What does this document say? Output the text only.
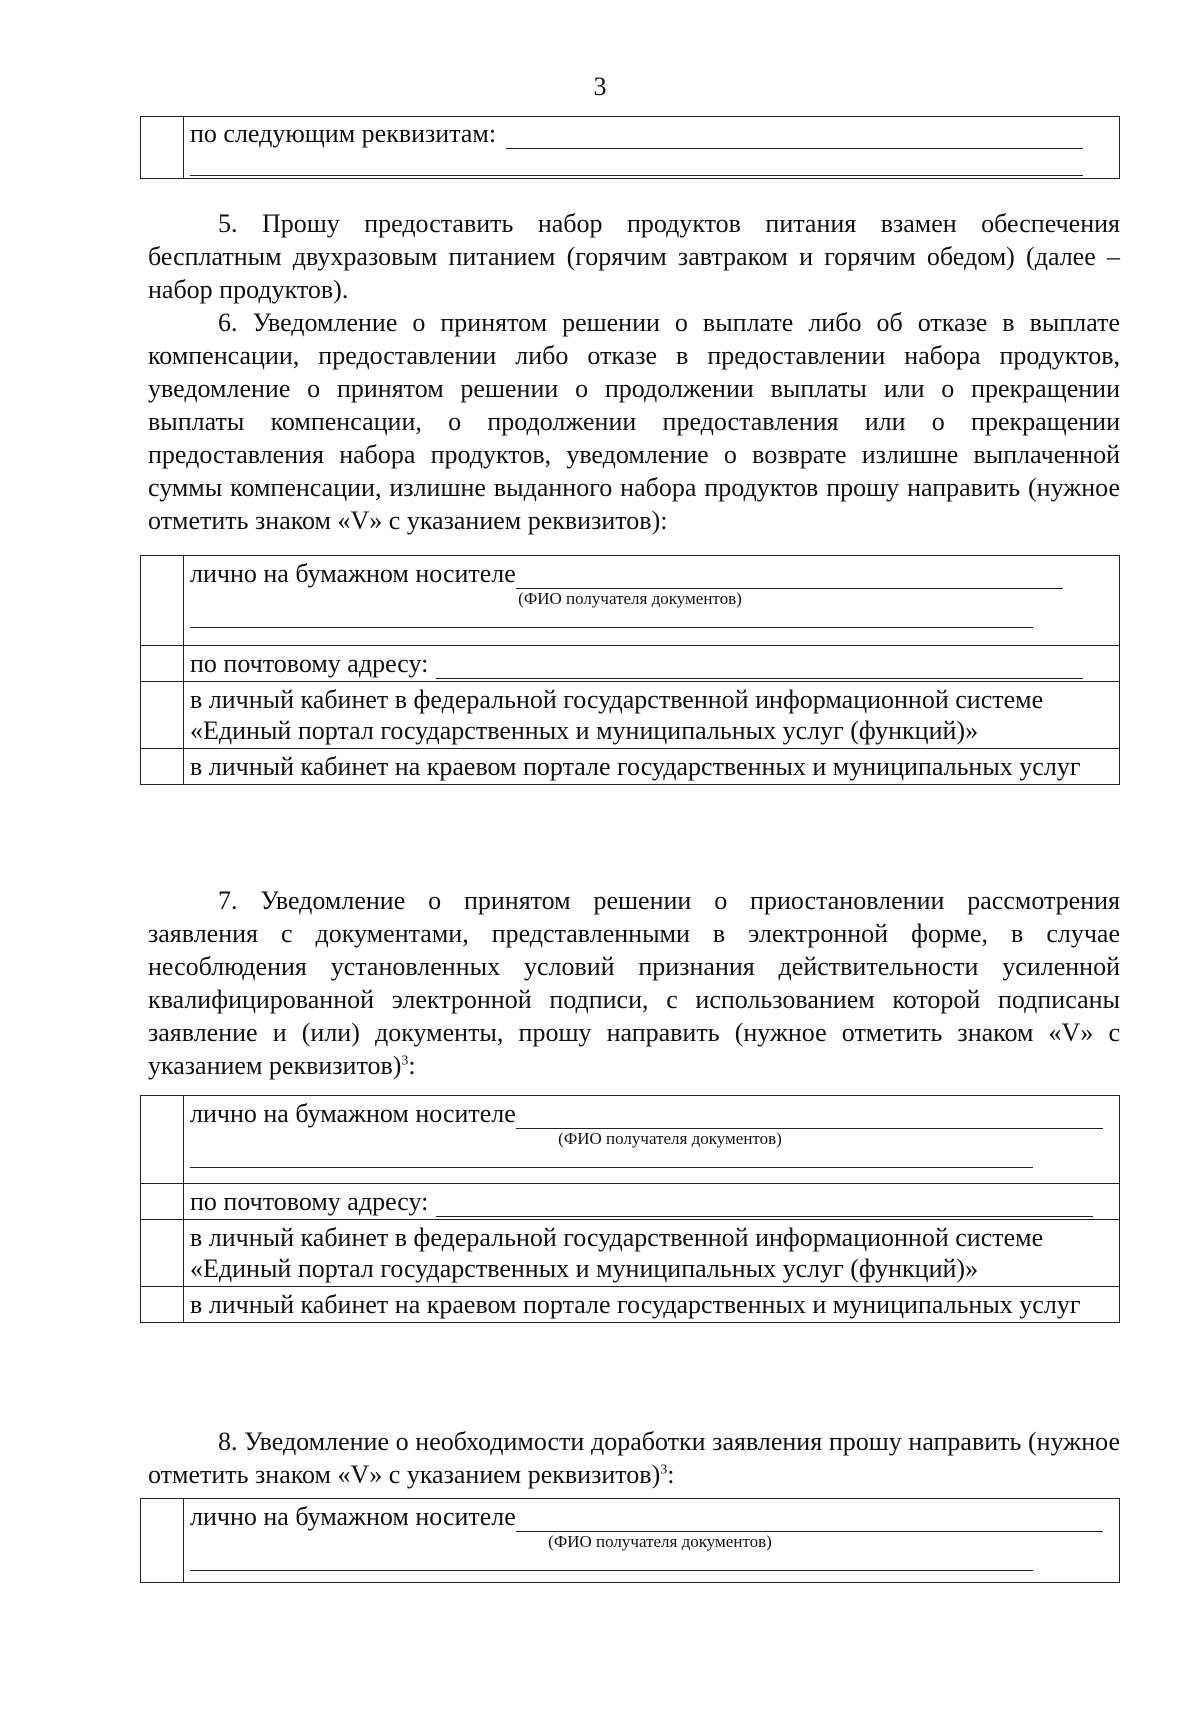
3

по следующим реквизитам:
5. Прошу предоставить набор продуктов питания взамен обеспечения бесплатным двухразовым питанием (горячим завтраком и горячим обедом) (далее – набор продуктов).
6. Уведомление о принятом решении о выплате либо об отказе в выплате компенсации, предоставлении либо отказе в предоставлении набора продуктов, уведомление о принятом решении о продолжении выплаты или о прекращении выплаты компенсации, о продолжении предоставления или о прекращении предоставления набора продуктов, уведомление о возврате излишне выплаченной суммы компенсации, излишне выданного набора продуктов прошу направить (нужное отметить знаком «V» с указанием реквизитов):

	лично на бумажном носителе
(ФИО получателя документов)

	по почтовому адресу:

	в личный кабинет в федеральной государственной информационной системе «Единый портал государственных и муниципальных услуг (функций)»
	в личный кабинет на краевом портале государственных и муниципальных услуг
7. Уведомление о принятом решении о приостановлении рассмотрения заявления с документами, представленными в электронной форме, в случае несоблюдения установленных условий признания действительности усиленной квалифицированной электронной подписи, с использованием которой подписаны заявление и (или) документы, прошу направить (нужное отметить знаком «V» с указанием реквизитов)$^3$:

	лично на бумажном носителе
(ФИО получателя документов)

	по почтовому адресу:

	в личный кабинет в федеральной государственной информационной системе «Единый портал государственных и муниципальных услуг (функций)»
	в личный кабинет на краевом портале государственных и муниципальных услуг
8. Уведомление о необходимости доработки заявления прошу направить (нужное отметить знаком «V» с указанием реквизитов)$^3$:

лично на бумажном носителе
(ФИО получателя документов)
